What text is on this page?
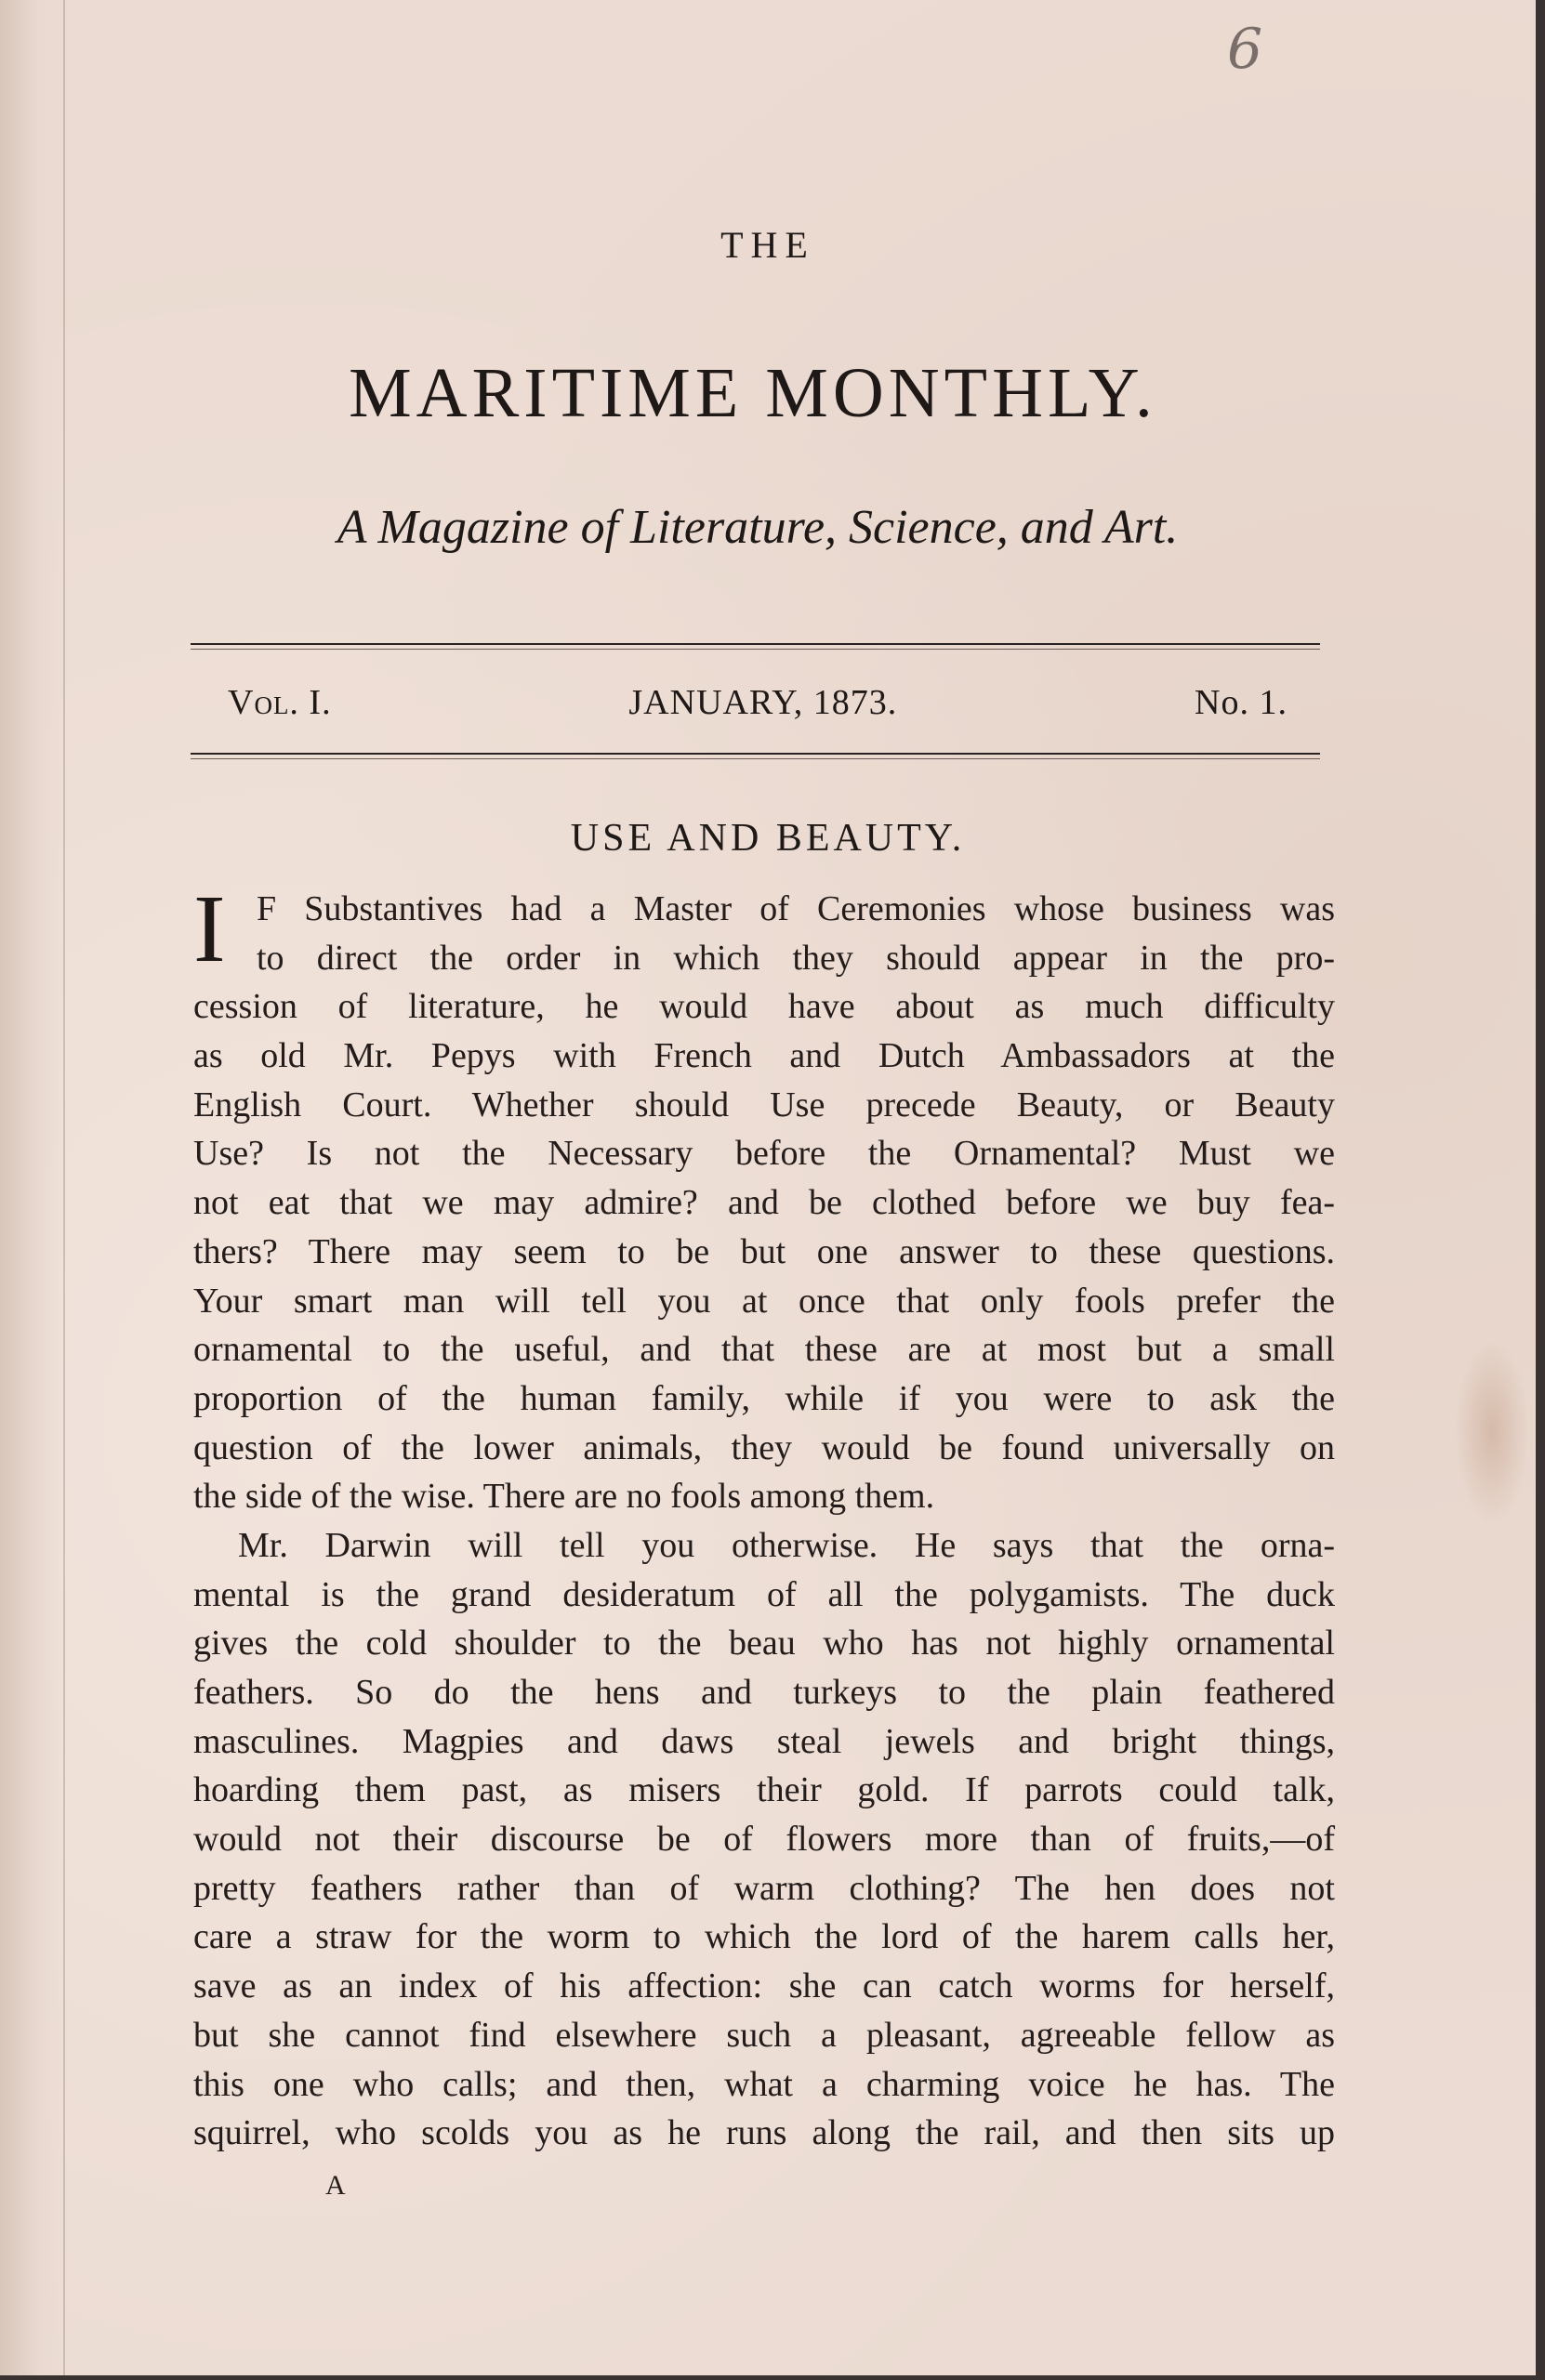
6
THE
MARITIME MONTHLY.
A Magazine of Literature, Science, and Art.
Vol. I.	JANUARY, 1873.	No. 1.
USE AND BEAUTY.
I F Substantives had a Master of Ceremonies whose business was
to direct the order in which they should appear in the pro-
cession of literature, he would have about as much difficulty
as old Mr. Pepys with French and Dutch Ambassadors at the
English Court. Whether should Use precede Beauty, or Beauty
Use? Is not the Necessary before the Ornamental? Must we
not eat that we may admire? and be clothed before we buy fea-
thers? There may seem to be but one answer to these questions.
Your smart man will tell you at once that only fools prefer the
ornamental to the useful, and that these are at most but a small
proportion of the human family, while if you were to ask the
question of the lower animals, they would be found universally on
the side of the wise. There are no fools among them.
Mr. Darwin will tell you otherwise. He says that the orna-
mental is the grand desideratum of all the polygamists. The duck
gives the cold shoulder to the beau who has not highly ornamental
feathers. So do the hens and turkeys to the plain feathered
masculines. Magpies and daws steal jewels and bright things,
hoarding them past, as misers their gold. If parrots could talk,
would not their discourse be of flowers more than of fruits,—of
pretty feathers rather than of warm clothing? The hen does not
care a straw for the worm to which the lord of the harem calls her,
save as an index of his affection: she can catch worms for herself,
but she cannot find elsewhere such a pleasant, agreeable fellow as
this one who calls; and then, what a charming voice he has. The
squirrel, who scolds you as he runs along the rail, and then sits up
A
